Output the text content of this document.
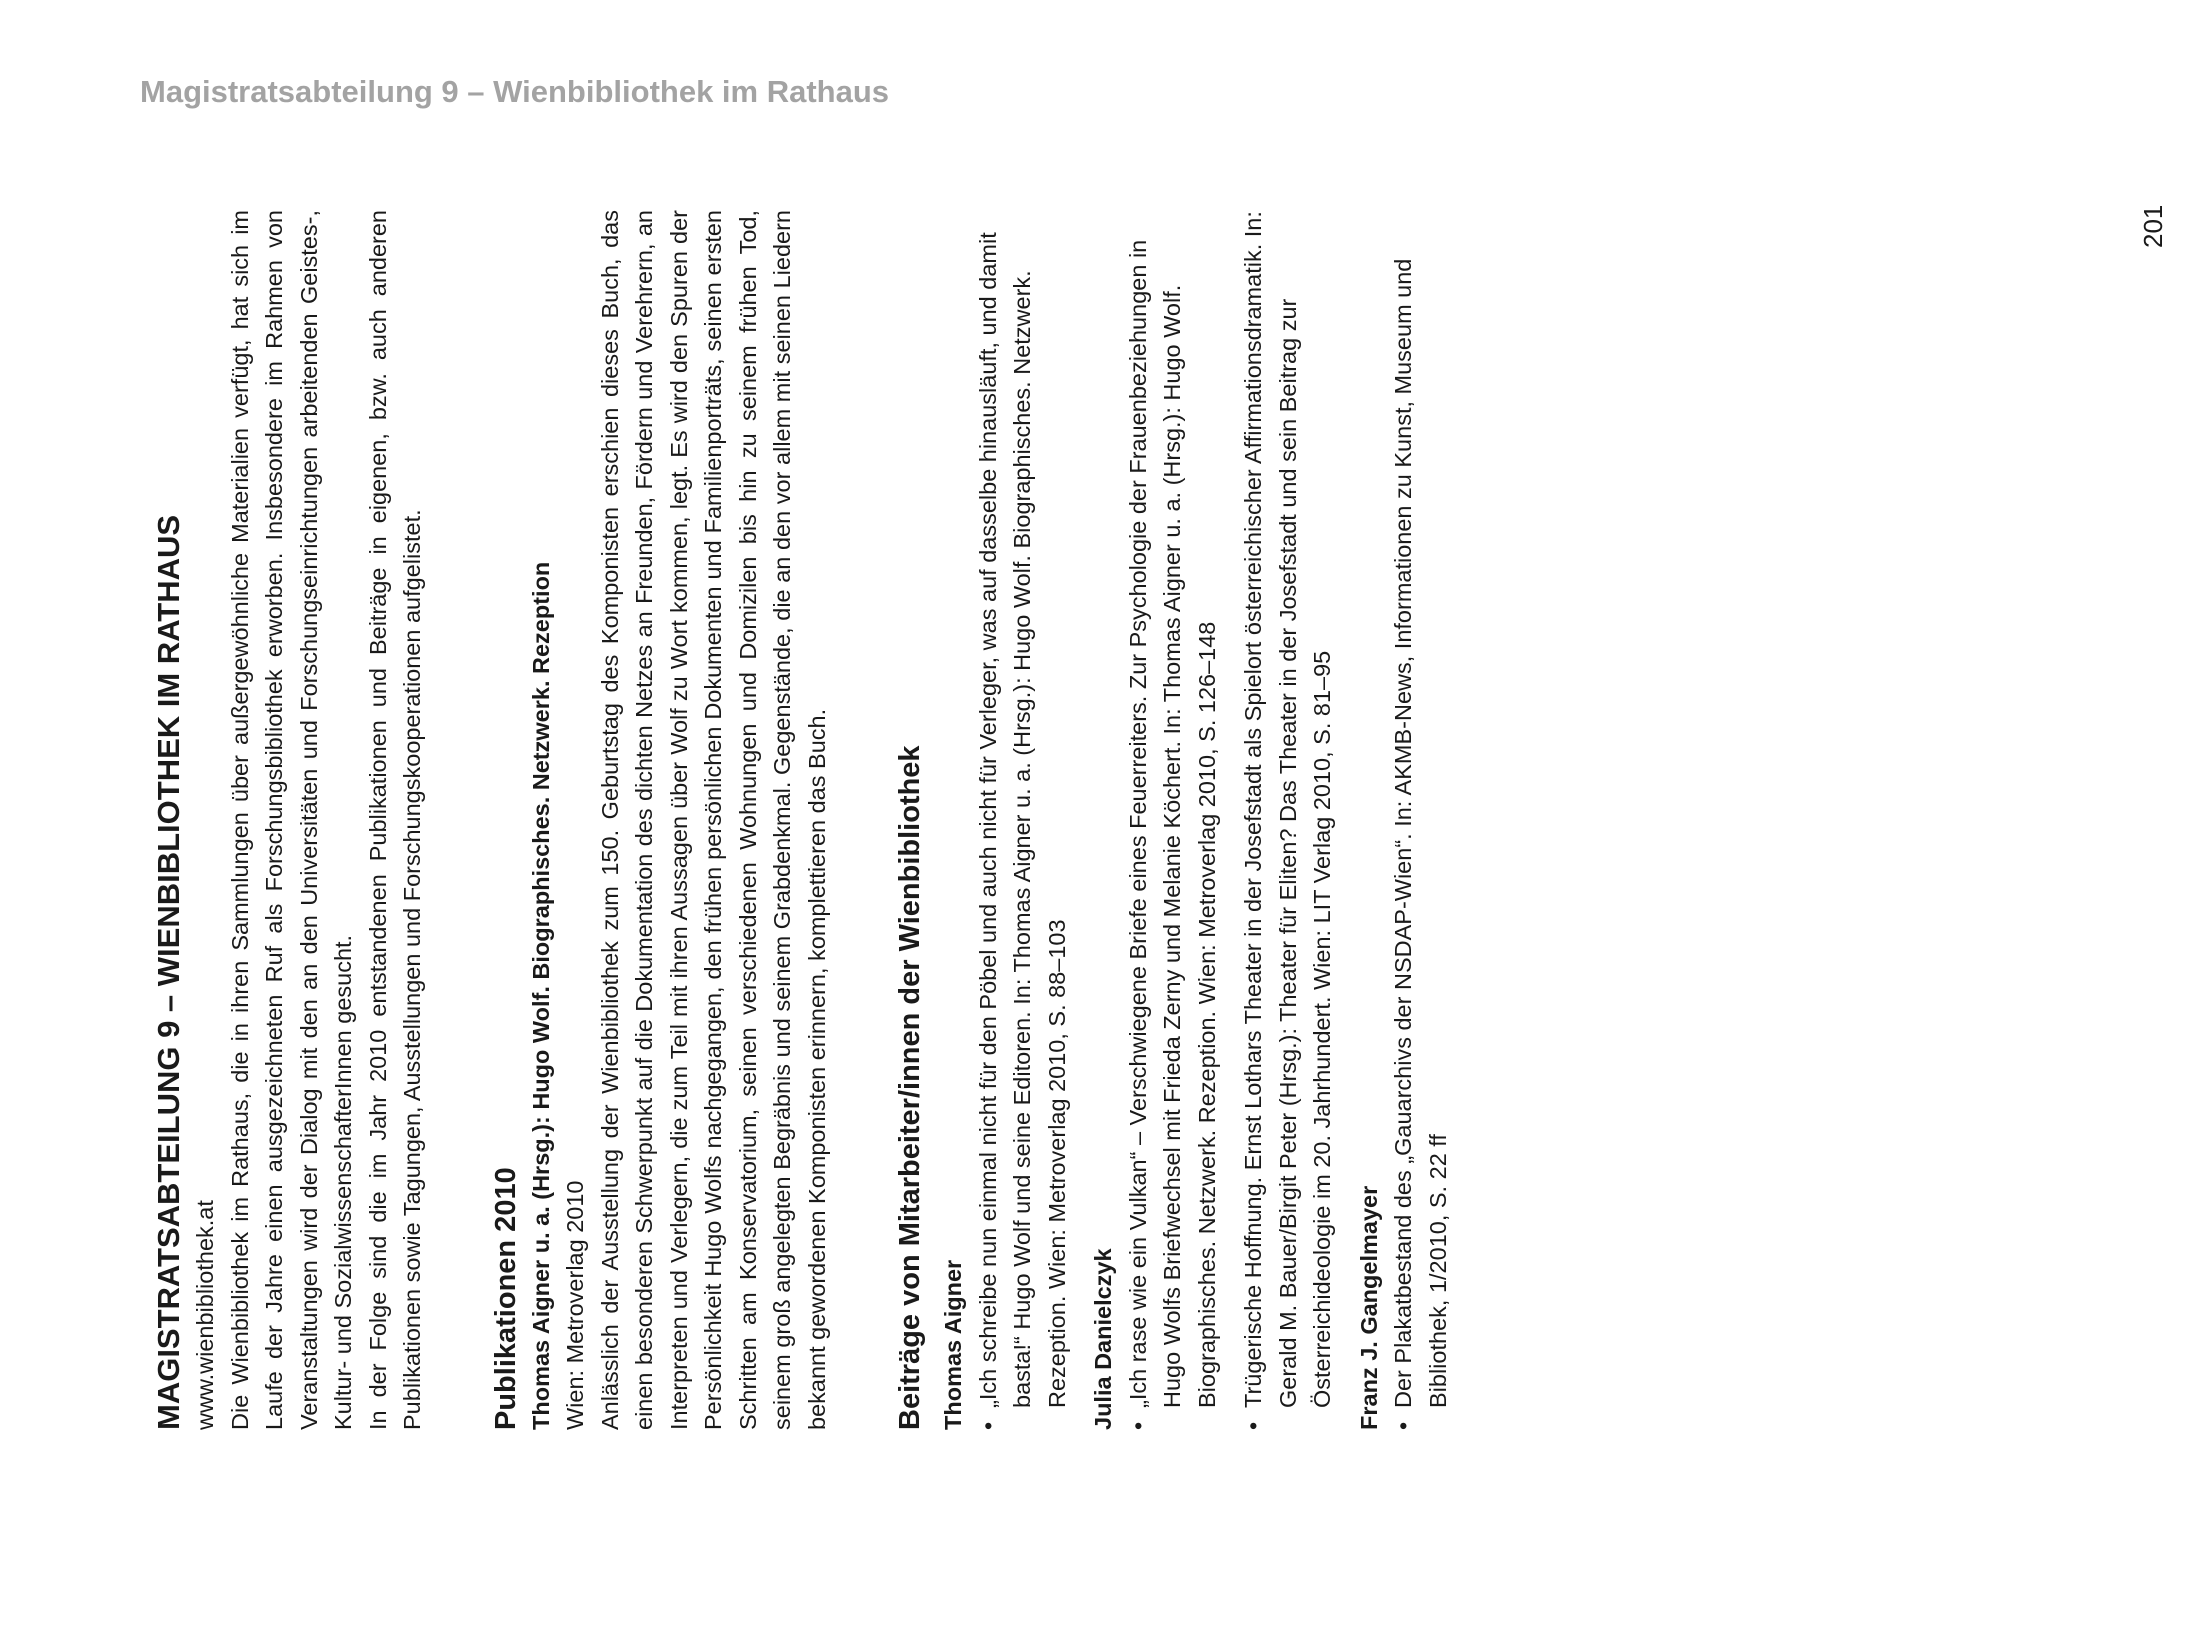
Magistratsabteilung 9 – Wienbibliothek im Rathaus
201

MAGISTRATSABTEILUNG 9 – WIENBIBLIOTHEK IM RATHAUS www.wienbibliothek.at Die Wienbibliothek im Rathaus, die in ihren Sammlungen über außergewöhnliche Materialien verfügt, hat sich im Laufe der Jahre einen ausgezeichneten Ruf als Forschungsbibliothek erworben. Insbesondere im Rahmen von Veranstaltungen wird der Dialog mit den an den Universitäten und Forschungseinrichtungen arbeitenden Geistes-, Kultur- und SozialwissenschafterInnen gesucht. In der Folge sind die im Jahr 2010 entstandenen Publikationen und Beiträge in eigenen, bzw. auch anderen Publikationen sowie Tagungen, Ausstellungen und Forschungskooperationen aufgelistet. Publikationen 2010 Thomas Aigner u. a. (Hrsg.): Hugo Wolf. Biographisches. Netzwerk. Rezeption Wien: Metroverlag 2010 Anlässlich der Ausstellung der Wienbibliothek zum 150. Geburtstag des Komponisten erschien dieses Buch, das einen besonderen Schwerpunkt auf die Dokumentation des dichten Netzes an Freunden, Fördern und Verehrern, an Interpreten und Verlegern, die zum Teil mit ihren Aussagen über Wolf zu Wort kommen, legt. Es wird den Spuren der Persönlichkeit Hugo Wolfs nachgegangen, den frühen persönlichen Dokumenten und Familienporträts, seinen ersten Schritten am Konservatorium, seinen verschiedenen Wohnungen und Domizilen bis hin zu seinem frühen Tod, seinem groß angelegten Begräbnis und seinem Grabdenkmal. Gegenstände, die an den vor allem mit seinen Liedern bekannt gewordenen Komponisten erinnern, komplettieren das Buch. Beiträge von Mitarbeiter/innen der Wienbibliothek Thomas Aigner •
„Ich schreibe nun einmal nicht für den Pöbel und auch nicht für Verleger, was auf dasselbe hinausläuft, und damit basta!“ Hugo Wolf und seine Editoren. In: Thomas Aigner u. a. (Hrsg.): Hugo Wolf. Biographisches. Netzwerk. Rezeption. Wien: Metroverlag 2010, S. 88–103 Julia Danielczyk •
„Ich rase wie ein Vulkan“ – Verschwiegene Briefe eines Feuerreiters. Zur Psychologie der Frauenbeziehungen in Hugo Wolfs Briefwechsel mit Frieda Zerny und Melanie Köchert. In: Thomas Aigner u. a. (Hrsg.): Hugo Wolf. Biographisches. Netzwerk. Rezeption. Wien: Metroverlag 2010, S. 126–148
•
Trügerische Hoffnung. Ernst Lothars Theater in der Josefstadt als Spielort österreichischer Affirmationsdramatik. In: Gerald M. Bauer/Birgit Peter (Hrsg.): Theater für Eliten? Das Theater in der Josefstadt und sein Beitrag zur Österreichideologie im 20. Jahrhundert. Wien: LIT Verlag 2010, S. 81–95 Franz J. Gangelmayer •
Der Plakatbestand des „Gauarchivs der NSDAP-Wien“. In: AKMB-News, Informationen zu Kunst, Museum und Bibliothek, 1/2010, S. 22 ff
